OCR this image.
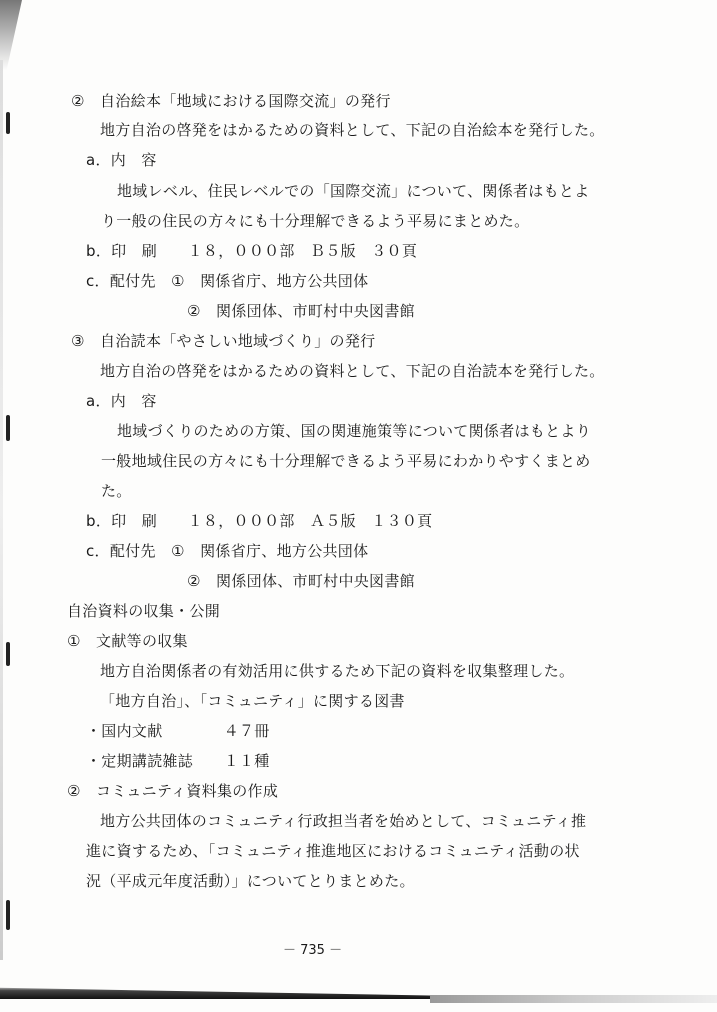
②　自治絵本「地域における国際交流」の発行
地方自治の啓発をはかるための資料として、下記の自治絵本を発行した。
a．内　容
地域レベル、住民レベルでの「国際交流」について、関係者はもとよ
り一般の住民の方々にも十分理解できるよう平易にまとめた。
b．印　刷　　１８，０００部　Ｂ５版　３０頁
c．配付先　①　関係省庁、地方公共団体
②　関係団体、市町村中央図書館
③　自治読本「やさしい地域づくり」の発行
地方自治の啓発をはかるための資料として、下記の自治読本を発行した。
a．内　容
地域づくりのための方策、国の関連施策等について関係者はもとより
一般地域住民の方々にも十分理解できるよう平易にわかりやすくまとめ
た。
b．印　刷　　１８，０００部　Ａ５版　１３０頁
c．配付先　①　関係省庁、地方公共団体
②　関係団体、市町村中央図書館
自治資料の収集・公開
①　文献等の収集
地方自治関係者の有効活用に供するため下記の資料を収集整理した。
「地方自治」、「コミュニティ」に関する図書
・国内文献　　　　４７冊
・定期講読雑誌　　１１種
②　コミュニティ資料集の作成
地方公共団体のコミュニティ行政担当者を始めとして、コミュニティ推
進に資するため、「コミュニティ推進地区におけるコミュニティ活動の状
況（平成元年度活動）」についてとりまとめた。
－ 735 －
